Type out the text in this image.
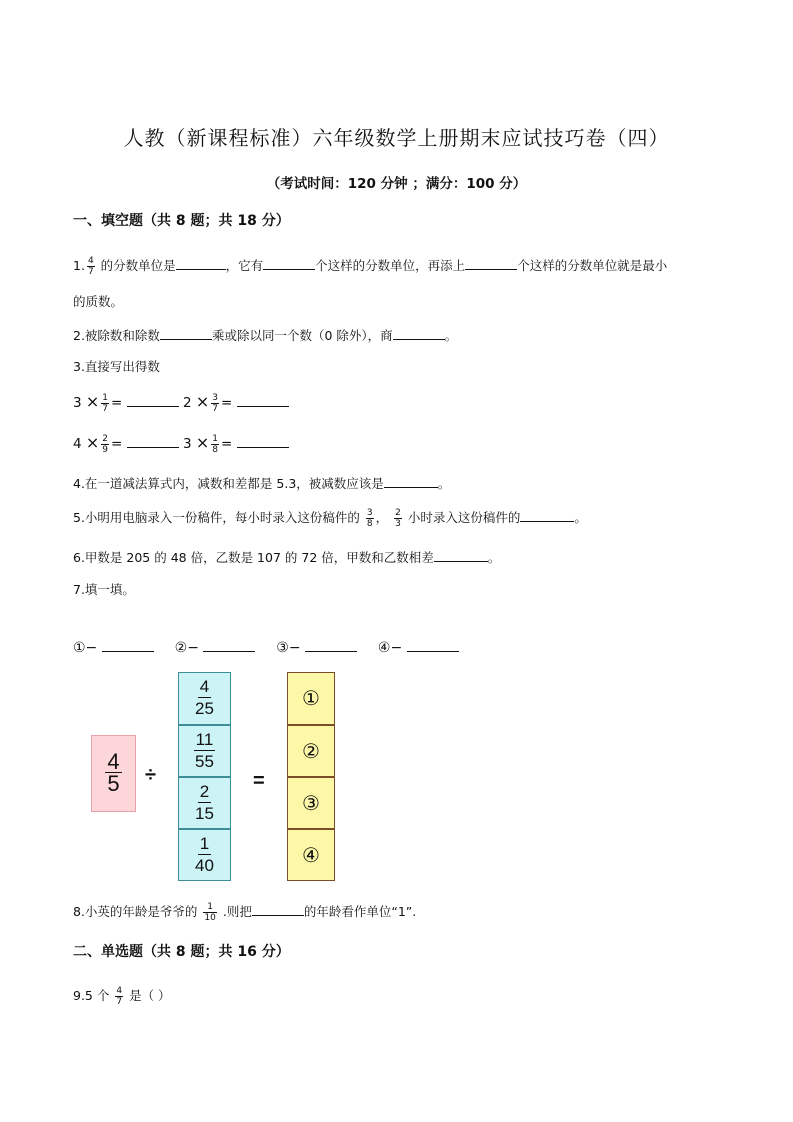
人教（新课程标准）六年级数学上册期末应试技巧卷（四）
（考试时间：120 分钟 ；满分：100 分）
一、填空题（共 8 题；共 18 分）
1. $\frac{4}{7}$ 的分数单位是	，它有	个这样的分数单位，再添上	个这样的分数单位就是最小
的质数。
2.被除数和除数	乘或除以同一个数（0 除外），商	。
3.直接写出得数
$3 \times \frac{1}{7}$ =	$2 \times \frac{3}{7}$ =
$4 \times \frac{2}{9}$ =	$3 \times \frac{1}{8}$ =
4.在一道减法算式内，减数和差都是 5.3，被减数应该是	。
5.小明用电脑录入一份稿件，每小时录入这份稿件的 $\frac{3}{8}$ ， $\frac{2}{3}$ 小时录入这份稿件的	。
6.甲数是 205 的 48 倍，乙数是 107 的 72 倍，甲数和乙数相差	。
7.填一填。
①−	②−	③−	④−
4
5 ÷
4
25
11
55
2
15
1
40
=
①
②
③
④
8.小英的年龄是爷爷的 $\frac{1}{10}$ .则把	的年龄看作单位“1”.
二、单选题（共 8 题；共 16 分）
9.5 个 $\frac{4}{7}$ 是（ ）
